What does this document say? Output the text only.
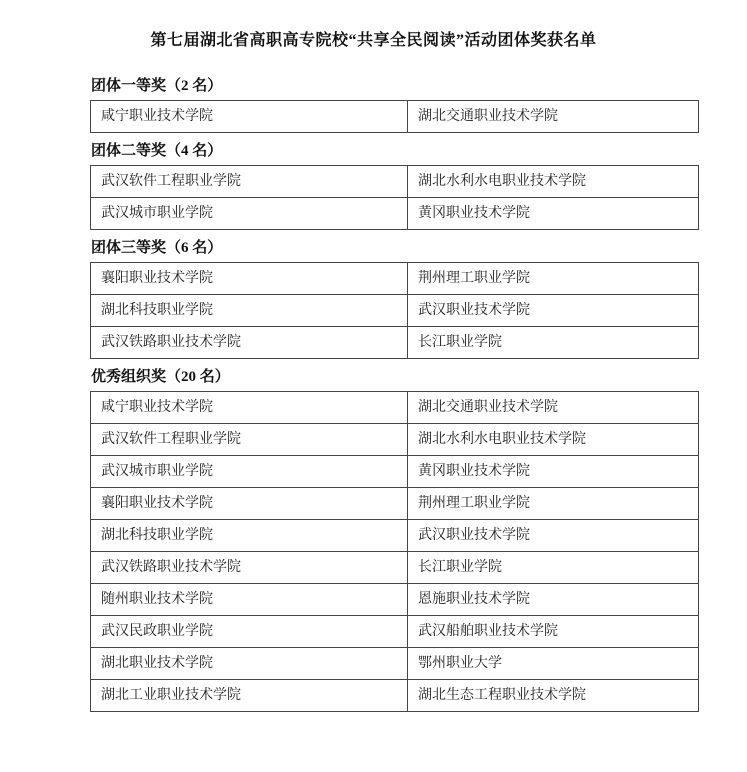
第七届湖北省高职高专院校“共享全民阅读”活动团体奖获名单
团体一等奖（2 名）
咸宁职业技术学院	湖北交通职业技术学院
团体二等奖（4 名）
武汉软件工程职业学院	湖北水利水电职业技术学院
武汉城市职业学院	黄冈职业技术学院
团体三等奖（6 名）
襄阳职业技术学院	荆州理工职业学院
湖北科技职业学院	武汉职业技术学院
武汉铁路职业技术学院	长江职业学院
优秀组织奖（20 名）
咸宁职业技术学院	湖北交通职业技术学院
武汉软件工程职业学院	湖北水利水电职业技术学院
武汉城市职业学院	黄冈职业技术学院
襄阳职业技术学院	荆州理工职业学院
湖北科技职业学院	武汉职业技术学院
武汉铁路职业技术学院	长江职业学院
随州职业技术学院	恩施职业技术学院
武汉民政职业学院	武汉船舶职业技术学院
湖北职业技术学院	鄂州职业大学
湖北工业职业技术学院	湖北生态工程职业技术学院
